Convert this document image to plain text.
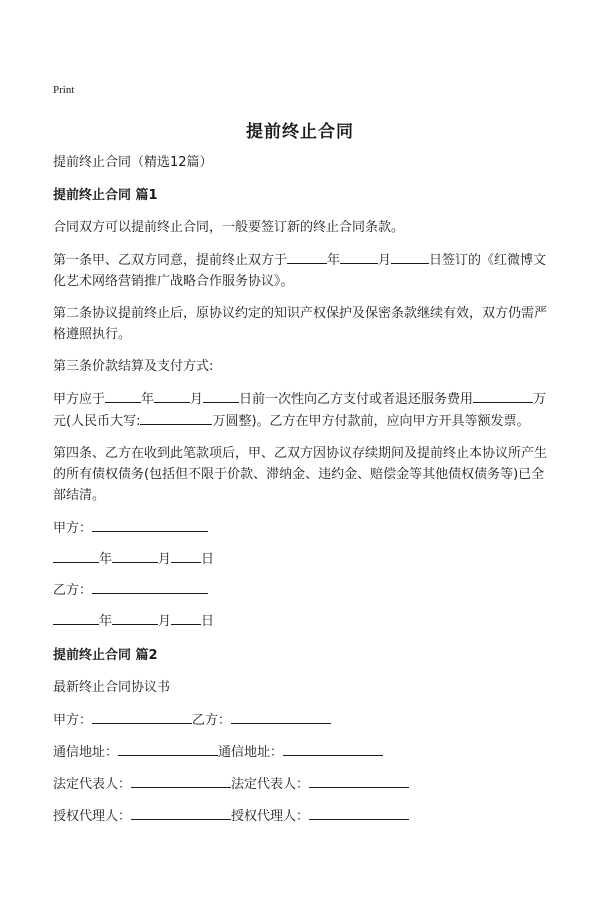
Print
提前终止合同

提前终止合同（精选12篇）

提前终止合同 篇1

合同双方可以提前终止合同，一般要签订新的终止合同条款。

第一条甲、乙双方同意，提前终止双方于	年	月	日签订的《红微博文化艺术网络营销推广战略合作服务协议》。

第二条协议提前终止后，原协议约定的知识产权保护及保密条款继续有效，双方仍需严格遵照执行。

第三条价款结算及支付方式:

甲方应于	年	月	日前一次性向乙方支付或者退还服务费用	万元(人民币大写:	万圆整)。乙方在甲方付款前，应向甲方开具等额发票。

第四条、乙方在收到此笔款项后，甲、乙双方因协议存续期间及提前终止本协议所产生的所有债权债务(包括但不限于价款、滞纳金、违约金、赔偿金等其他债权债务等)已全部结清。

甲方：

年	月 日

乙方：

年	月 日

提前终止合同 篇2

最新终止合同协议书

甲方：	乙方：

通信地址：	通信地址：

法定代表人：	法定代表人：

授权代理人：	授权代理人：
